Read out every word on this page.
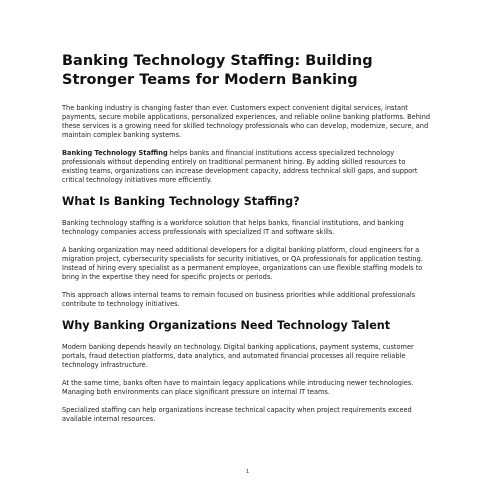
Banking Technology Staffing: Building Stronger Teams for Modern Banking

The banking industry is changing faster than ever. Customers expect convenient digital services, instant payments, secure mobile applications, personalized experiences, and reliable online banking platforms. Behind these services is a growing need for skilled technology professionals who can develop, modernize, secure, and maintain complex banking systems.

Banking Technology Staffing helps banks and financial institutions access specialized technology professionals without depending entirely on traditional permanent hiring. By adding skilled resources to existing teams, organizations can increase development capacity, address technical skill gaps, and support critical technology initiatives more efficiently.

What Is Banking Technology Staffing?

Banking technology staffing is a workforce solution that helps banks, financial institutions, and banking technology companies access professionals with specialized IT and software skills.

A banking organization may need additional developers for a digital banking platform, cloud engineers for a migration project, cybersecurity specialists for security initiatives, or QA professionals for application testing. Instead of hiring every specialist as a permanent employee, organizations can use flexible staffing models to bring in the expertise they need for specific projects or periods.

This approach allows internal teams to remain focused on business priorities while additional professionals contribute to technology initiatives.

Why Banking Organizations Need Technology Talent

Modern banking depends heavily on technology. Digital banking applications, payment systems, customer portals, fraud detection platforms, data analytics, and automated financial processes all require reliable technology infrastructure.

At the same time, banks often have to maintain legacy applications while introducing newer technologies. Managing both environments can place significant pressure on internal IT teams.

Specialized staffing can help organizations increase technical capacity when project requirements exceed available internal resources.

1
